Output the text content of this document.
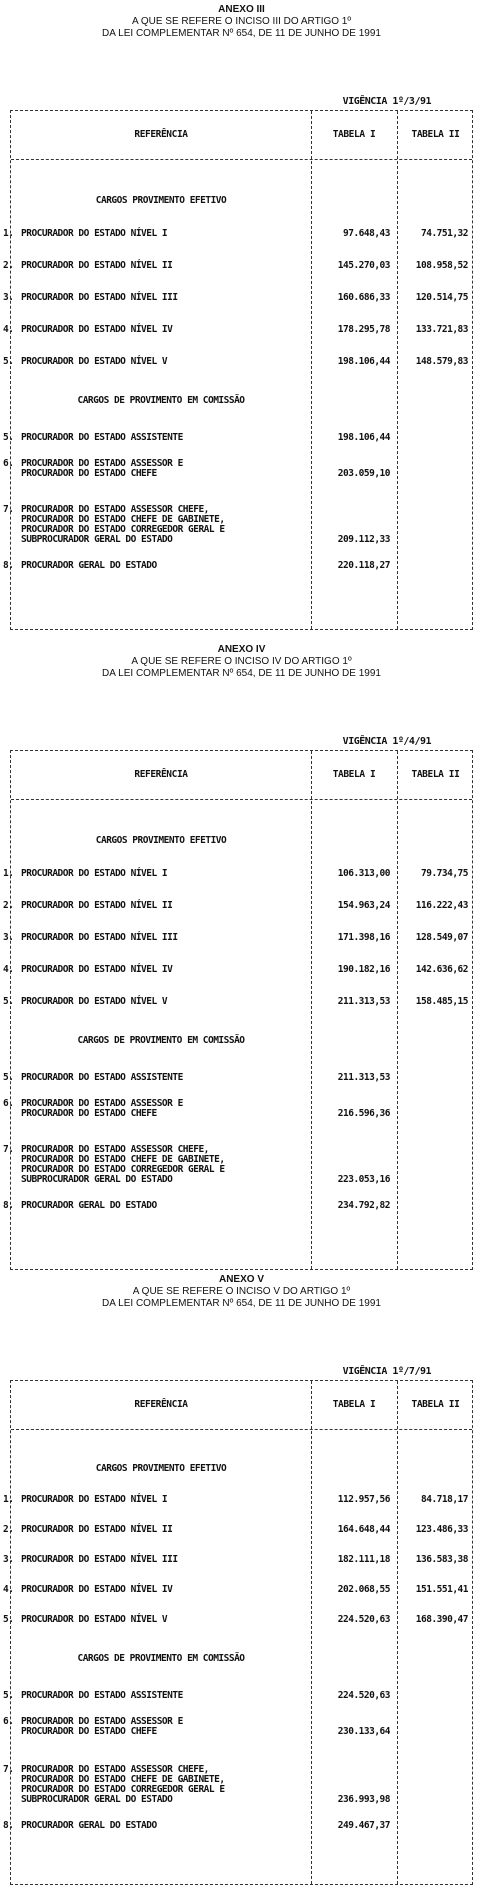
ANEXO III
A QUE SE REFERE O INCISO III DO ARTIGO 1º
DA LEI COMPLEMENTAR Nº 654, DE 11 DE JUNHO DE 1991
VIGÊNCIA 1º/3/91
REFERÊNCIA	TABELA I	TABELA II
CARGOS PROVIMENTO EFETIVO
1. PROCURADOR DO ESTADO NÍVEL I	97.648,43	74.751,32
2. PROCURADOR DO ESTADO NÍVEL II	145.270,03	108.958,52
3. PROCURADOR DO ESTADO NÍVEL III	160.686,33	120.514,75
4. PROCURADOR DO ESTADO NÍVEL IV	178.295,78	133.721,83
5. PROCURADOR DO ESTADO NÍVEL V	198.106,44	148.579,83
CARGOS DE PROVIMENTO EM COMISSÃO
5. PROCURADOR DO ESTADO ASSISTENTE	198.106,44
6. PROCURADOR DO ESTADO ASSESSOR E
PROCURADOR DO ESTADO CHEFE	203.059,10
7. PROCURADOR DO ESTADO ASSESSOR CHEFE,
PROCURADOR DO ESTADO CHEFE DE GABINETE,
PROCURADOR DO ESTADO CORREGEDOR GERAL E
SUBPROCURADOR GERAL DO ESTADO	209.112,33
8. PROCURADOR GERAL DO ESTADO	220.118,27
ANEXO IV
A QUE SE REFERE O INCISO IV DO ARTIGO 1º
DA LEI COMPLEMENTAR Nº 654, DE 11 DE JUNHO DE 1991
VIGÊNCIA 1º/4/91
REFERÊNCIA	TABELA I	TABELA II
CARGOS PROVIMENTO EFETIVO
1. PROCURADOR DO ESTADO NÍVEL I	106.313,00	79.734,75
2. PROCURADOR DO ESTADO NÍVEL II	154.963,24	116.222,43
3. PROCURADOR DO ESTADO NÍVEL III	171.398,16	128.549,07
4. PROCURADOR DO ESTADO NÍVEL IV	190.182,16	142.636,62
5. PROCURADOR DO ESTADO NÍVEL V	211.313,53	158.485,15
CARGOS DE PROVIMENTO EM COMISSÃO
5. PROCURADOR DO ESTADO ASSISTENTE	211.313,53
6. PROCURADOR DO ESTADO ASSESSOR E
PROCURADOR DO ESTADO CHEFE	216.596,36
7. PROCURADOR DO ESTADO ASSESSOR CHEFE,
PROCURADOR DO ESTADO CHEFE DE GABINETE,
PROCURADOR DO ESTADO CORREGEDOR GERAL E
SUBPROCURADOR GERAL DO ESTADO	223.053,16
8. PROCURADOR GERAL DO ESTADO	234.792,82
ANEXO V
A QUE SE REFERE O INCISO V DO ARTIGO 1º
DA LEI COMPLEMENTAR Nº 654, DE 11 DE JUNHO DE 1991
VIGÊNCIA 1º/7/91
REFERÊNCIA	TABELA I	TABELA II
CARGOS PROVIMENTO EFETIVO
1. PROCURADOR DO ESTADO NÍVEL I	112.957,56	84.718,17
2. PROCURADOR DO ESTADO NÍVEL II	164.648,44	123.486,33
3. PROCURADOR DO ESTADO NÍVEL III	182.111,18	136.583,38
4. PROCURADOR DO ESTADO NÍVEL IV	202.068,55	151.551,41
5. PROCURADOR DO ESTADO NÍVEL V	224.520,63	168.390,47
CARGOS DE PROVIMENTO EM COMISSÃO
5. PROCURADOR DO ESTADO ASSISTENTE	224.520,63
6. PROCURADOR DO ESTADO ASSESSOR E
PROCURADOR DO ESTADO CHEFE	230.133,64
7. PROCURADOR DO ESTADO ASSESSOR CHEFE,
PROCURADOR DO ESTADO CHEFE DE GABINETE,
PROCURADOR DO ESTADO CORREGEDOR GERAL E
SUBPROCURADOR GERAL DO ESTADO	236.993,98
8. PROCURADOR GERAL DO ESTADO	249.467,37
